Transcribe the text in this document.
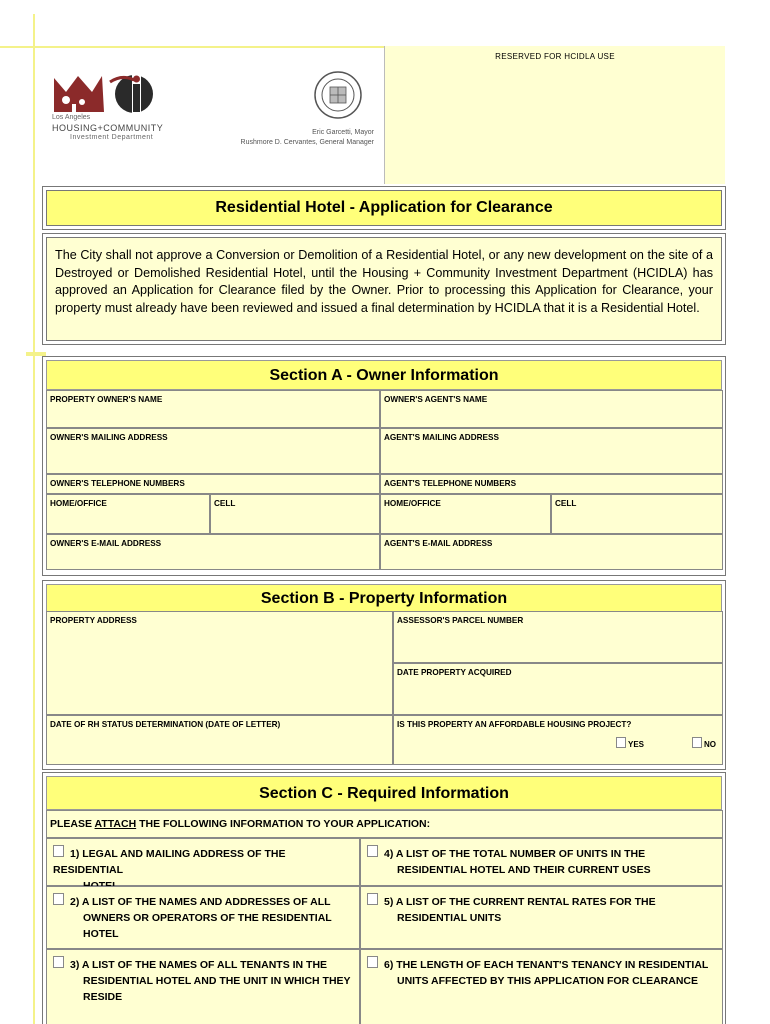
RESERVED FOR HCIDLA USE
Los Angeles
HOUSING+COMMUNITY
Investment Department
Eric Garcetti, Mayor
Rushmore D. Cervantes, General Manager
Residential Hotel - Application for Clearance
The City shall not approve a Conversion or Demolition of a Residential Hotel, or any new development on the site of a Destroyed or Demolished Residential Hotel, until the Housing + Community Investment Department (HCIDLA) has approved an Application for Clearance filed by the Owner. Prior to processing this Application for Clearance, your property must already have been reviewed and issued a final determination by HCIDLA that it is a Residential Hotel.
Section A - Owner Information
PROPERTY OWNER'S NAME	OWNER'S AGENT'S NAME
OWNER'S MAILING ADDRESS	AGENT'S MAILING ADDRESS
OWNER'S TELEPHONE NUMBERS	AGENT'S TELEPHONE NUMBERS
HOME/OFFICE	CELL	HOME/OFFICE	CELL
OWNER'S E-MAIL ADDRESS	AGENT'S E-MAIL ADDRESS
Section B - Property Information
PROPERTY ADDRESS	ASSESSOR'S PARCEL NUMBER
DATE PROPERTY ACQUIRED
DATE OF RH STATUS DETERMINATION (DATE OF LETTER)	IS THIS PROPERTY AN AFFORDABLE HOUSING PROJECT?
YES	NO
Section C - Required Information
PLEASE ATTACH THE FOLLOWING INFORMATION TO YOUR APPLICATION:
1) LEGAL AND MAILING ADDRESS OF THE RESIDENTIAL
4) A LIST OF THE TOTAL NUMBER OF UNITS IN THE
RESIDENTIAL HOTEL AND THEIR CURRENT USES
2) A LIST OF THE NAMES AND ADDRESSES OF ALL
OWNERS OR OPERATORS OF THE RESIDENTIAL HOTEL
5) A LIST OF THE CURRENT RENTAL RATES FOR THE
RESIDENTIAL UNITS
3) A LIST OF THE NAMES OF ALL TENANTS IN THE
RESIDENTIAL HOTEL AND THE UNIT IN WHICH THEY RESIDE
6) THE LENGTH OF EACH TENANT'S TENANCY IN RESIDENTIAL
UNITS AFFECTED BY THIS APPLICATION FOR CLEARANCE
